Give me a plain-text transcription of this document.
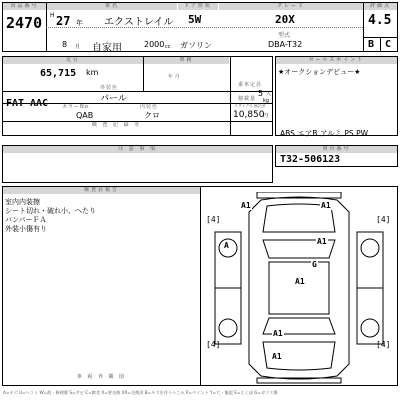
出品番号	車名	ドア形状	グレード	評価点
2470 H 27 年 エクストレイル 5W	20X	4.5
8 月 自家用	2000 cc ガソリン
型式
DBA-T32	B C
走行	車検
65,715 km	年 月
乗車定員
積載量
5 人
kg
外装色
パール
FAT AAC	カラーNo.	内装色	リサイクル預託金
QAB	クロ	10,850
円
検 査 記 録 等
セールスポイント
★オークションデビュー★
ABS エアB アルミ PS PW
注 意 事 項	車台番号
T32-506123
検査員報告
室内内装擦
シート切れ・破れ小、へたり
バンパーＦＡ
外装小傷有り
車 両 外 観 図
A1	A1
A1
A
G
A1
A1
A1
[4]	[4]
[4]	[4]
A=キズ U=ヘコミ W=波・修理歴 S=サビ C=腐食 X=要交換 XX=交換済 B=キズを伴うへこみ P=ペイント Y=穴・亀裂 E=えくぼ G=ガラス傷
